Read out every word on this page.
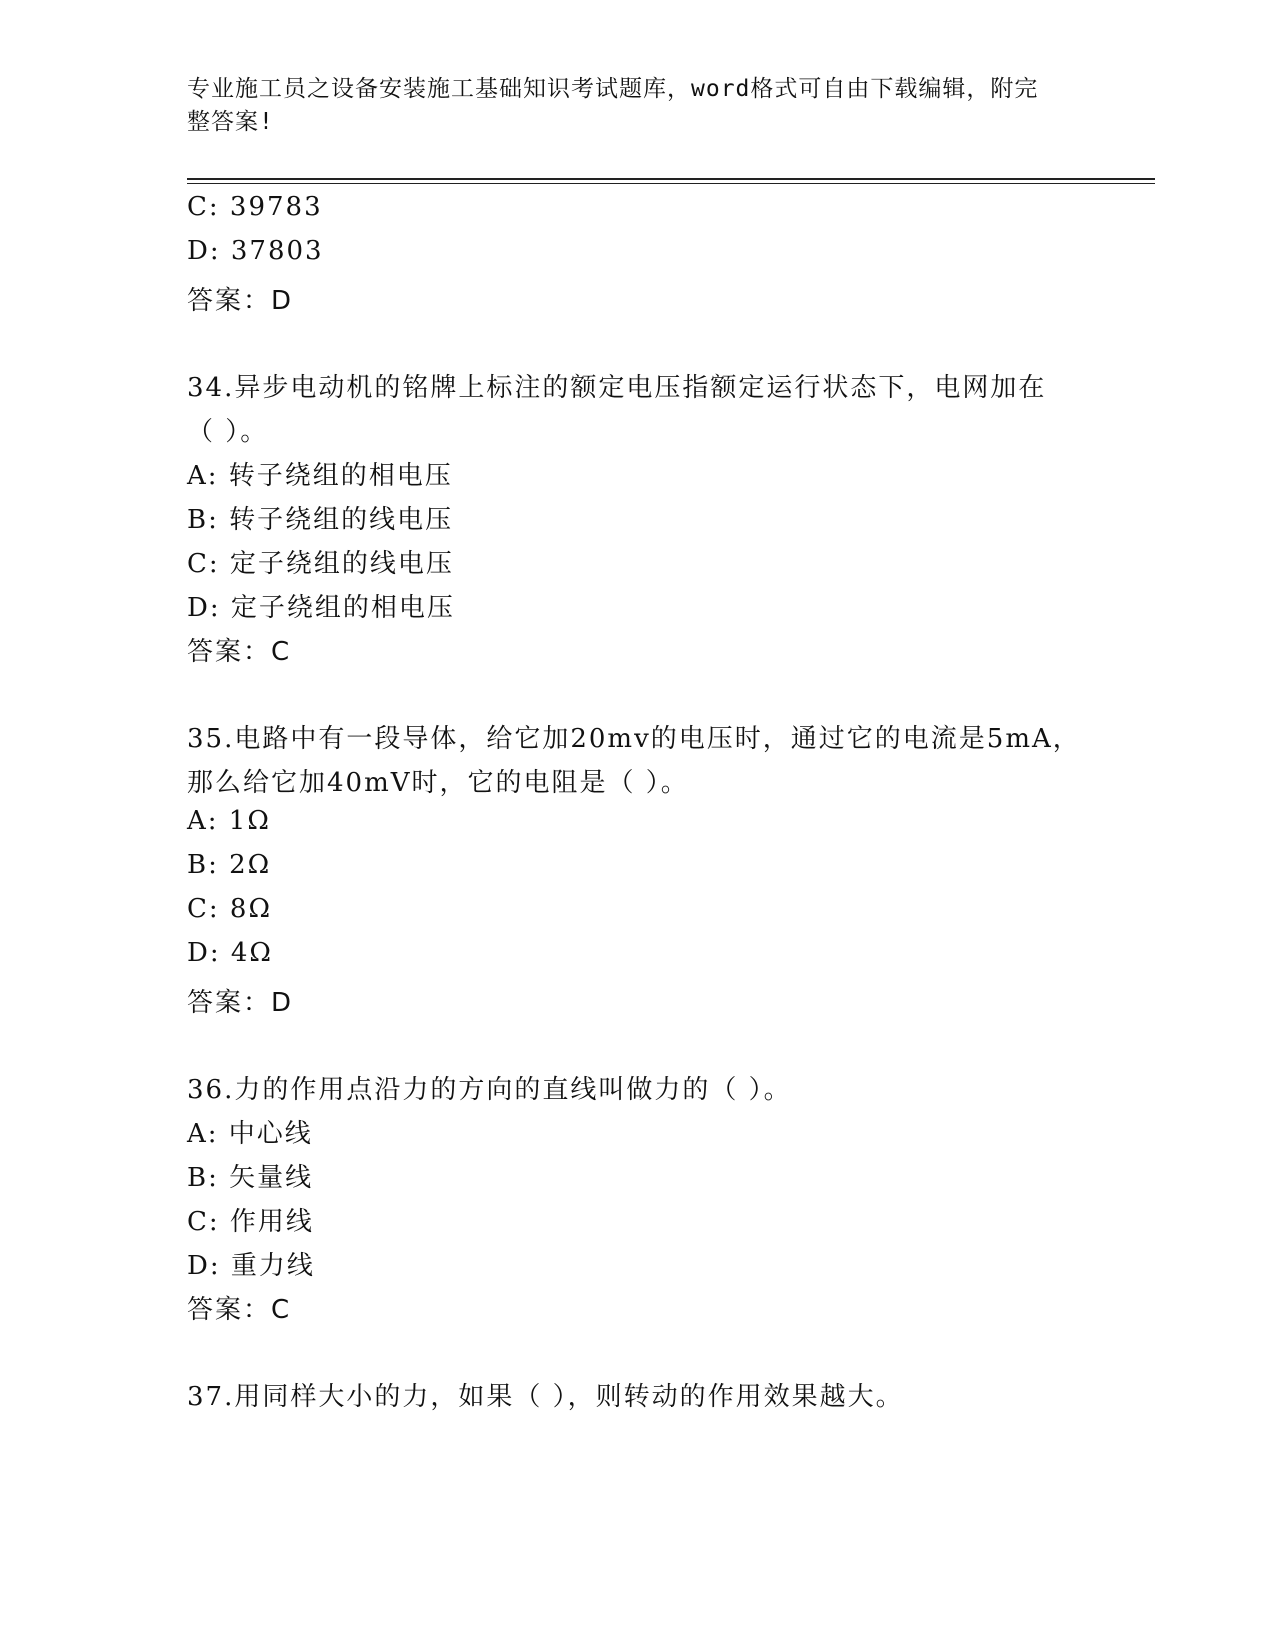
专业施工员之设备安装施工基础知识考试题库，word格式可自由下载编辑，附完
整答案!
C: 39783
D: 37803
答案：D
34.异步电动机的铭牌上标注的额定电压指额定运行状态下，电网加在
（ ）。
A: 转子绕组的相电压
B: 转子绕组的线电压
C: 定子绕组的线电压
D: 定子绕组的相电压
答案：C
35.电路中有一段导体，给它加20mv的电压时，通过它的电流是5mA，
那么给它加40mV时，它的电阻是（ ）。
A: 1Ω
B: 2Ω
C: 8Ω
D: 4Ω
答案：D
36.力的作用点沿力的方向的直线叫做力的（ ）。
A: 中心线
B: 矢量线
C: 作用线
D: 重力线
答案：C
37.用同样大小的力，如果（ ），则转动的作用效果越大。
